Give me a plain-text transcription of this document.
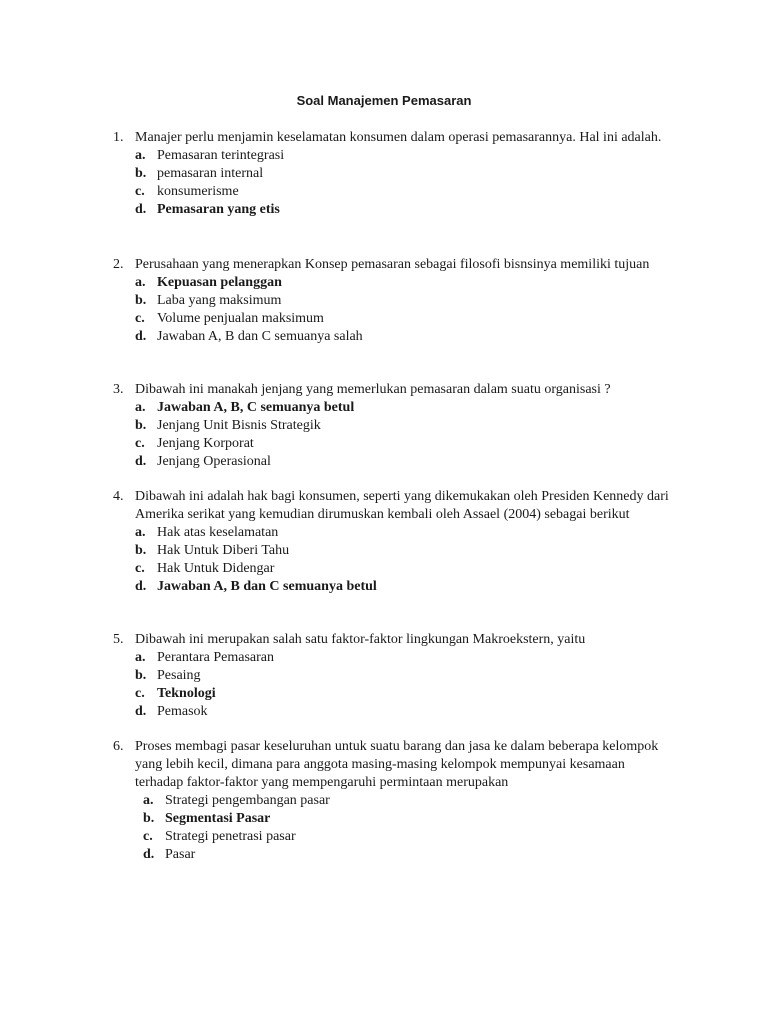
Soal Manajemen Pemasaran
1. Manajer perlu menjamin keselamatan konsumen dalam operasi pemasarannya. Hal ini adalah.
a. Pemasaran terintegrasi
b. pemasaran internal
c. konsumerisme
d. Pemasaran yang etis
2. Perusahaan yang menerapkan Konsep pemasaran sebagai filosofi bisnsinya memiliki tujuan
a. Kepuasan pelanggan
b. Laba yang maksimum
c. Volume penjualan maksimum
d. Jawaban A, B dan C semuanya salah
3. Dibawah ini manakah jenjang yang memerlukan pemasaran dalam suatu organisasi ?
a. Jawaban A, B, C semuanya betul
b. Jenjang Unit Bisnis Strategik
c. Jenjang Korporat
d. Jenjang Operasional
4. Dibawah ini adalah hak bagi konsumen, seperti yang dikemukakan oleh Presiden Kennedy dari Amerika serikat yang kemudian dirumuskan kembali oleh Assael (2004) sebagai berikut
a. Hak atas keselamatan
b. Hak Untuk Diberi Tahu
c. Hak Untuk Didengar
d. Jawaban A, B dan C semuanya betul
5. Dibawah ini merupakan salah satu faktor-faktor lingkungan Makroekstern, yaitu
a. Perantara Pemasaran
b. Pesaing
c. Teknologi
d. Pemasok
6. Proses membagi pasar keseluruhan untuk suatu barang dan jasa ke dalam beberapa kelompok yang lebih kecil, dimana para anggota masing-masing kelompok mempunyai kesamaan terhadap faktor-faktor yang mempengaruhi permintaan merupakan
a. Strategi pengembangan pasar
b. Segmentasi Pasar
c. Strategi penetrasi pasar
d. Pasar
